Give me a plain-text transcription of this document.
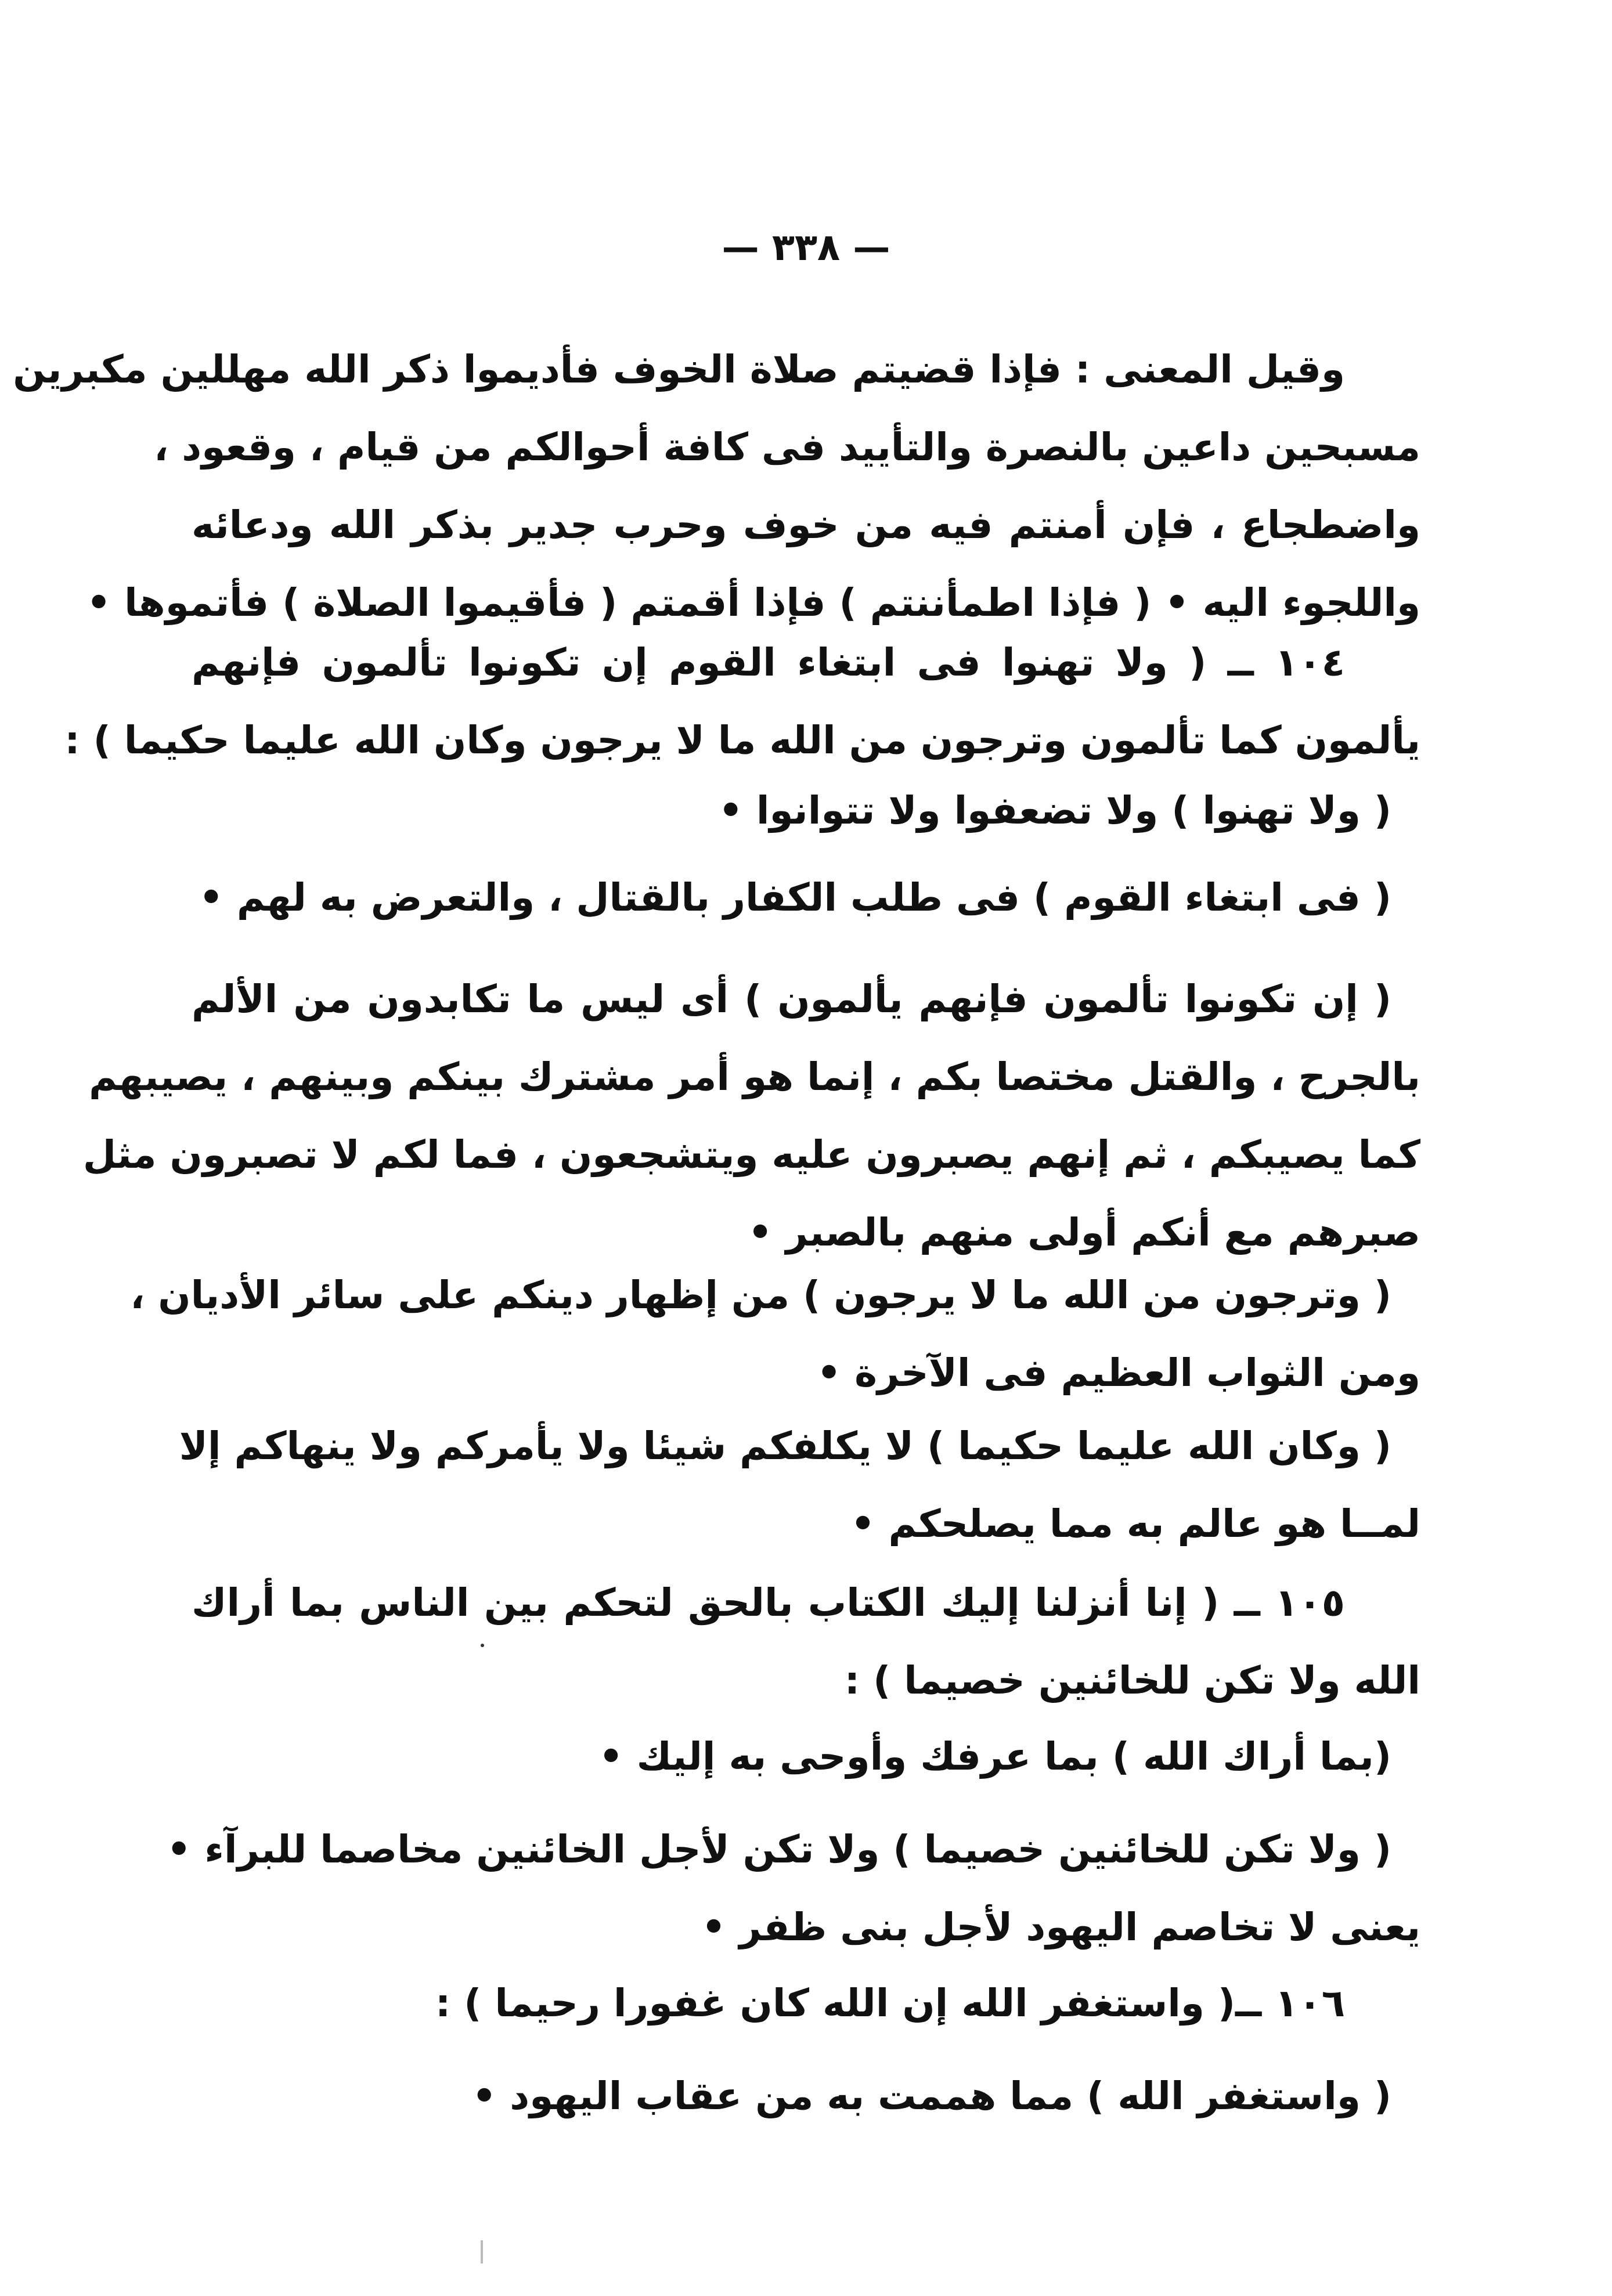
— ٣٣٨ —

وقيل المعنى : فإذا قضيتم صلاة الخوف فأديموا ذكر الله مهللين مكبرين
مسبحين داعين بالنصرة والتأييد فى كافة أحوالكم من قيام ، وقعود ،
واضطجاع ، فإن أمنتم فيه من خوف وحرب جدير بذكر الله ودعائه
واللجوء اليه • ( فإذا اطمأننتم ) فإذا أقمتم ( فأقيموا الصلاة ) فأتموها •

١٠٤ ــ ( ولا تهنوا فى ابتغاء القوم إن تكونوا تألمون فإنهم
يألمون كما تألمون وترجون من الله ما لا يرجون وكان الله عليما حكيما ) :

( ولا تهنوا ) ولا تضعفوا ولا تتوانوا •

( فى ابتغاء القوم ) فى طلب الكفار بالقتال ، والتعرض به لهم •

( إن تكونوا تألمون فإنهم يألمون ) أى ليس ما تكابدون من الألم
بالجرح ، والقتل مختصا بكم ، إنما هو أمر مشترك بينكم وبينهم ، يصيبهم
كما يصيبكم ، ثم إنهم يصبرون عليه ويتشجعون ، فما لكم لا تصبرون مثل
صبرهم مع أنكم أولى منهم بالصبر •

( وترجون من الله ما لا يرجون ) من إظهار دينكم على سائر الأديان ،
ومن الثواب العظيم فى الآخرة •

( وكان الله عليما حكيما ) لا يكلفكم شيئا ولا يأمركم ولا ينهاكم إلا
لمــا هو عالم به مما يصلحكم •

١٠٥ ــ ( إنا أنزلنا إليك الكتاب بالحق لتحكم بين الناس بما أراك
الله ولا تكن للخائنين خصيما ) :

(بما أراك الله ) بما عرفك وأوحى به إليك •

( ولا تكن للخائنين خصيما ) ولا تكن لأجل الخائنين مخاصما للبرآء •
يعنى لا تخاصم اليهود لأجل بنى ظفر •

١٠٦ ــ( واستغفر الله إن الله كان غفورا رحيما ) :

( واستغفر الله ) مما هممت به من عقاب اليهود •
